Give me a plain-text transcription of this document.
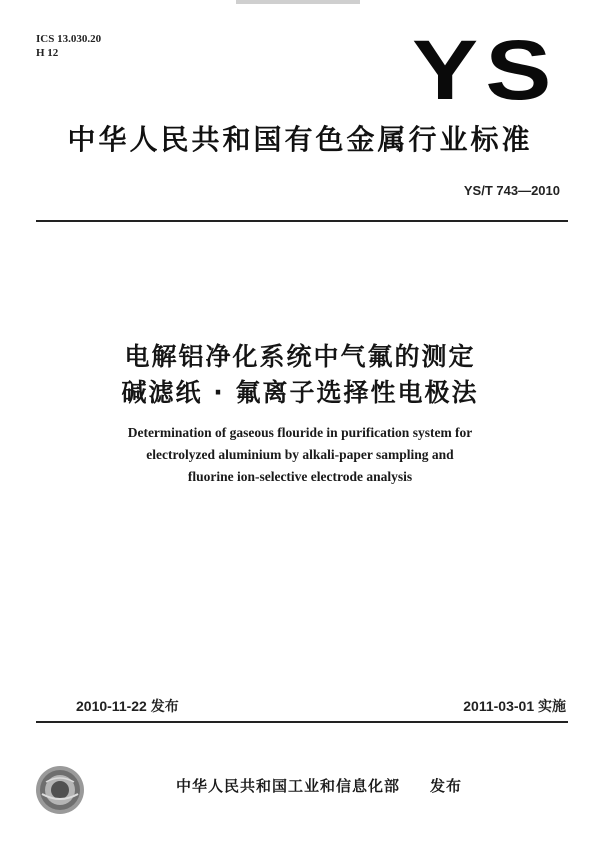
ICS 13.030.20
H 12	YS
中华人民共和国有色金属行业标准
YS/T 743—2010
电解铝净化系统中气氟的测定
碱滤纸 · 氟离子选择性电极法
Determination of gaseous flouride in purification system for
electrolyzed aluminium by alkali-paper sampling and
fluorine ion-selective electrode analysis
2010-11-22 发布	2011-03-01 实施
中华人民共和国工业和信息化部 发布
